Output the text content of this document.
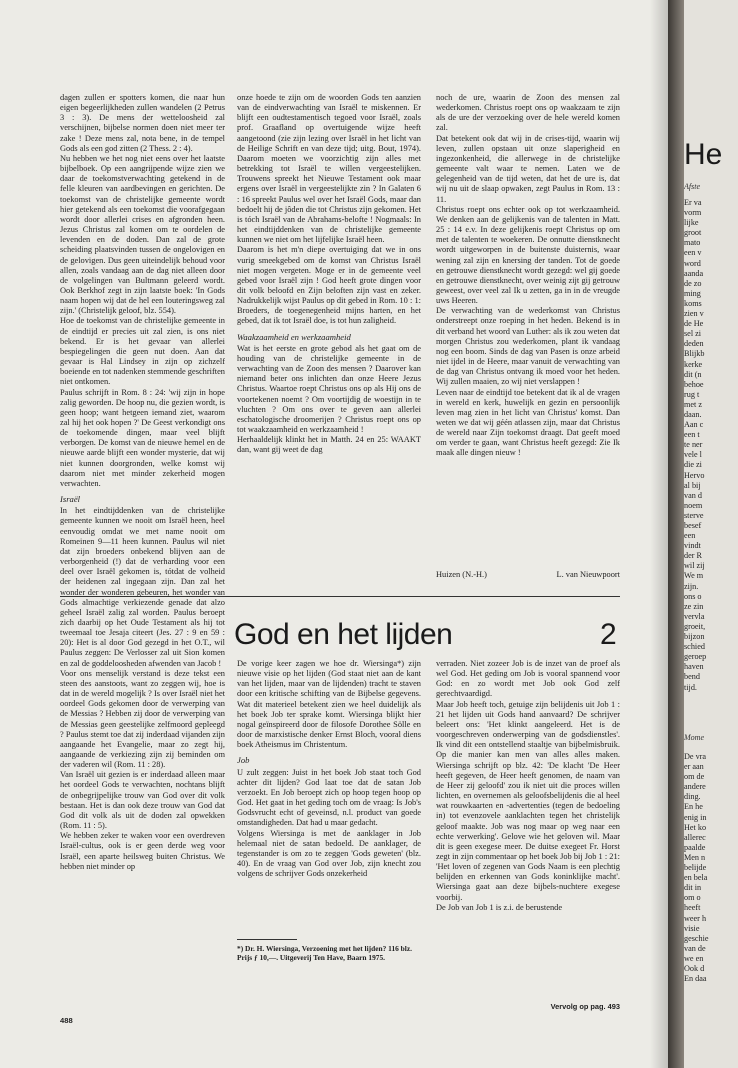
dagen zullen er spotters komen, die naar hun eigen begeerlijkheden zullen wandelen (2 Petrus 3 : 3). De mens der wetteloosheid zal verschijnen, bijbelse normen doen niet meer ter zake ! Deze mens zal, nota bene, in de tempel Gods als een god zitten (2 Thess. 2 : 4).

Nu hebben we het nog niet eens over het laatste bijbelboek. Op een aangrijpende wijze zien we daar de toekomstverwachting getekend in de felle kleuren van aardbevingen en gerichten. De toekomst van de christelijke gemeente wordt hier getekend als een toekomst die voorafgegaan wordt door allerlei crises en afgronden heen. Jezus Christus zal komen om te oordelen de levenden en de doden. Dan zal de grote scheiding plaatsvinden tussen de ongelovigen en de gelovigen. Dus geen uiteindelijk behoud voor allen, zoals vandaag aan de dag niet alleen door de volgelingen van Bultmann geleerd wordt. Ook Berkhof zegt in zijn laatste boek: 'In Gods naam hopen wij dat de hel een louteringsweg zal zijn.' (Christelijk geloof, blz. 554).

Hoe de toekomst van de christelijke gemeente in de eindtijd er precies uit zal zien, is ons niet bekend. Er is het gevaar van allerlei bespiegelingen die geen nut doen. Aan dat gevaar is Hal Lindsey in zijn op zichzelf boeiende en tot nadenken stemmende geschriften niet ontkomen.

Paulus schrijft in Rom. 8 : 24: 'wij zijn in hope zalig geworden. De hoop nu, die gezien wordt, is geen hoop; want hetgeen iemand ziet, waarom zal hij het ook hopen ?' De Geest verkondigt ons de toekomende dingen, maar veel blijft verborgen. De komst van de nieuwe hemel en de nieuwe aarde blijft een wonder mysterie, dat wij niet kunnen doorgronden, welke komst wij daarom niet met minder zekerheid mogen verwachten.

Israël

In het eindtijddenken van de christelijke gemeente kunnen we nooit om Israël heen, heel eenvoudig omdat we met name nooit om Romeinen 9—11 heen kunnen. Paulus wil niet dat zijn broeders onbekend blijven aan de verborgenheid (!) dat de verharding voor een deel over Israël gekomen is, tótdat de volheid der heidenen zal ingegaan zijn. Dan zal het wonder der wonderen gebeuren, het wonder van Gods almachtige verkiezende genade dat alzo geheel Israël zalig zal worden. Paulus beroept zich daarbij op het Oude Testament als hij tot tweemaal toe Jesaja citeert (Jes. 27 : 9 en 59 : 20): Het is al door God gezegd in het O.T., wil Paulus zeggen: De Verlosser zal uit Sion komen en zal de goddeloosheden afwenden van Jacob !

Voor ons menselijk verstand is deze tekst een steen des aanstoots, want zo zeggen wij, hoe is dat in de wereld mogelijk ? Is over Israël niet het oordeel Gods gekomen door de verwerping van de Messias ? Hebben zij door de verwerping van de Messias geen geestelijke zelfmoord gepleegd ? Paulus stemt toe dat zij inderdaad vijanden zijn aangaande het Evangelie, maar zo zegt hij, aangaande de verkiezing zijn zij beminden om der vaderen wil (Rom. 11 : 28).

Van Israël uit gezien is er inderdaad alleen maar het oordeel Gods te verwachten, nochtans blijft de onbegrijpelijke trouw van God over dit volk bestaan. Het is dan ook deze trouw van God dat God dit volk als uit de doden zal opwekken (Rom. 11 : 5).

We hebben zeker te waken voor een overdreven Israël-cultus, ook is er geen derde weg voor Israël, een aparte heilsweg buiten Christus. We hebben niet minder op

onze hoede te zijn om de woorden Gods ten aanzien van de eindverwachting van Israël te miskennen. Er blijft een oudtestamentisch tegoed voor Israël, zoals prof. Graafland op overtuigende wijze heeft aangetoond (zie zijn lezing over Israël in het licht van de Heilige Schrift en van deze tijd; uitg. Bout, 1974). Daarom moeten we voorzichtig zijn alles met betrekking tot Israël te willen vergeestelijken. Trouwens spreekt het Nieuwe Testament ook maar ergens over Israël in vergeestelijkte zin ? In Galaten 6 : 16 spreekt Paulus wel over het Israël Gods, maar dan bedoelt hij de jôden die tot Christus zijn gekomen. Het is tóch Israël van de Abrahams-belofte ! Nogmaals: In het eindtijddenken van de christelijke gemeente kunnen we niet om het lijfelijke Israël heen.

Daarom is het m'n diepe overtuiging dat we in ons vurig smeekgebed om de komst van Christus Israël niet mogen vergeten. Moge er in de gemeente veel gebed voor Israël zijn ! God heeft grote dingen voor dit volk beloofd en Zijn beloften zijn vast en zeker. Nadrukkelijk wijst Paulus op dit gebed in Rom. 10 : 1: Broeders, de toegenegenheid mijns harten, en het gebed, dat ik tot Israël doe, is tot hun zaligheid.

Waakzaamheid en werkzaamheid

Wat is het eerste en grote gebod als het gaat om de houding van de christelijke gemeente in de verwachting van de Zoon des mensen ? Daarover kan niemand beter ons inlichten dan onze Heere Jezus Christus. Waartoe roept Christus ons op als Hij ons de voortekenen noemt ? Om voortijdig de woestijn in te vluchten ? Om ons over te geven aan allerlei eschatologische droomerijen ? Christus roept ons op tot waakzaamheid en werkzaamheid !

Herhaaldelijk klinkt het in Matth. 24 en 25: WAAKT dan, want gij weet de dag

noch de ure, waarin de Zoon des mensen zal wederkomen. Christus roept ons op waakzaam te zijn als de ure der verzoeking over de hele wereld komen zal.

Dat betekent ook dat wij in de crises-tijd, waarin wij leven, zullen opstaan uit onze slaperigheid en ingezonkenheid, die allerwege in de christelijke gemeente valt waar te nemen. Laten we de gelegenheid van de tijd weten, dat het de ure is, dat wij nu uit de slaap opwaken, zegt Paulus in Rom. 13 : 11.

Christus roept ons echter ook op tot werkzaamheid. We denken aan de gelijkenis van de talenten in Matt. 25 : 14 e.v. In deze gelijkenis roept Christus op om met de talenten te woekeren. De onnutte dienstknecht wordt uitgeworpen in de buitenste duisternis, waar wening zal zijn en knersing der tanden. Tot de goede en getrouwe dienstknecht wordt gezegd: wel gij goede en getrouwe dienstknecht, over weinig zijt gij getrouw geweest, over veel zal Ik u zetten, ga in in de vreugde uws Heeren.

De verwachting van de wederkomst van Christus onderstreept onze roeping in het heden. Bekend is in dit verband het woord van Luther: als ik zou weten dat morgen Christus zou wederkomen, plant ik vandaag nog een boom. Sinds de dag van Pasen is onze arbeid niet ijdel in de Heere, maar vanuit de verwachting van de dag van Christus ontvang ik moed voor het heden. Wij zullen maaien, zo wij niet verslappen !

Leven naar de eindtijd toe betekent dat ik al de vragen in wereld en kerk, huwelijk en gezin en persoonlijk leven mag zien in het licht van Christus' komst. Dan weten we dat wij géén atlassen zijn, maar dat Christus de wereld naar Zijn toekomst draagt. Dat geeft moed om verder te gaan, want Christus heeft gezegd: Zie Ik maak alle dingen nieuw !

Huizen (N.-H.)	L. van Nieuwpoort
God en het lijden	2

De vorige keer zagen we hoe dr. Wiersinga*) zijn nieuwe visie op het lijden (God staat niet aan de kant van het lijden, maar van de lijdenden) tracht te staven door een kritische schifting van de Bijbelse gegevens. Wat dit materieel betekent zien we heel duidelijk als het boek Job ter sprake komt. Wiersinga blijkt hier nogal geïnspireerd door de filosofe Dorothee Sölle en door de marxistische denker Ernst Bloch, vooral diens boek Atheismus im Christentum.

Job

U zult zeggen: Juist in het boek Job staat toch God achter dit lijden? God laat toe dat de satan Job verzoekt. En Job beroept zich op hoop tegen hoop op God. Het gaat in het geding toch om de vraag: Is Job's Godsvrucht echt of geveinsd, n.l. product van goede omstandigheden. Dat had u maar gedacht.

Volgens Wiersinga is met de aanklager in Job helemaal niet de satan bedoeld. De aanklager, de tegenstander is om zo te zeggen 'Gods geweten' (blz. 40). En de vraag van God over Job, zijn knecht zou volgens de schrijver Gods onzekerheid

*) Dr. H. Wiersinga, Verzoening met het lijden? 116 blz. Prijs ƒ 10,—. Uitgeverij Ten Have, Baarn 1975.

verraden. Niet zozeer Job is de inzet van de proef als wel God. Het geding om Job is vooral spannend voor God: en zo wordt met Job ook God zelf gerechtvaardigd.

Maar Job heeft toch, getuige zijn belijdenis uit Job 1 : 21 het lijden uit Gods hand aanvaard? De schrijver beleert ons: 'Het klinkt aangeleerd. Het is de voorgeschreven onderwerping van de godsdienstles'. Ik vind dit een ontstellend staaltje van bijbelmisbruik. Op die manier kan men van alles alles maken. Wiersinga schrijft op blz. 42: 'De klacht 'De Heer heeft gegeven, de Heer heeft genomen, de naam van de Heer zij geloofd' zou ik niet uit die proces willen lichten, en overnemen als geloofsbelijdenis die al heel wat rouwkaarten en -advertenties (tegen de bedoeling in) tot evenzovele aanklachten tegen het christelijk geloof maakte. Job was nog maar op weg naar een echte verwerking'. Gelove wie het geloven wil. Maar dit is geen exegese meer. De duitse exegeet Fr. Horst zegt in zijn commentaar op het boek Job bij Job 1 : 21: 'Het loven of zegenen van Gods Naam is een plechtig belijden en erkennen van Gods koninklijke macht'. Wiersinga gaat aan deze bijbels-nuchtere exegese voorbij.

De Job van Job 1 is z.i. de berustende

Vervolg op pag. 493
488
He
Afste
Er va
vorm
lijke
groot
mato
een v
word
aanda
de zo
ming
koms
zien v
de He
sel zi
deden
Blijkb
kerke
dit (n
behoe
rug t
met z
daan.
Aan c
een t
te ner
vele l
die zi
Hervo
al bij
van d
noem
sterve
besef
een
vindt
der R
wil zij
We m
zijn.
ons o
ze zin
vervla
groeit,
bijzon
schied
geroep
haven
bend
tijd.
Mome
De vra
er aan
om de
andere
ding.
En he
enig in
Het ko
allerec
paalde
Men n
belijde
en bela
dit in
om o
heeft
weer h
visie
geschie
van de
we en
Ook d
En daa
